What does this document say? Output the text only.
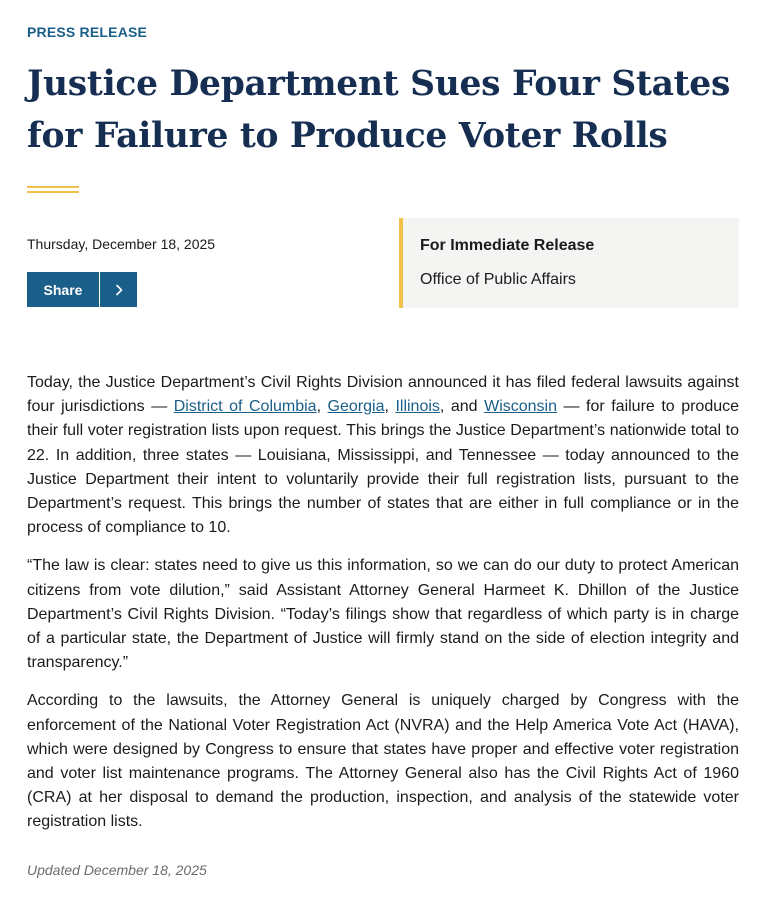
PRESS RELEASE
Justice Department Sues Four States for Failure to Produce Voter Rolls
Thursday, December 18, 2025
Share
For Immediate Release
Office of Public Affairs

Today, the Justice Department’s Civil Rights Division announced it has filed federal lawsuits against four jurisdictions — District of Columbia, Georgia, Illinois, and Wisconsin — for failure to produce their full voter registration lists upon request. This brings the Justice Department’s nationwide total to 22. In addition, three states — Louisiana, Mississippi, and Tennessee — today announced to the Justice Department their intent to voluntarily provide their full registration lists, pursuant to the Department’s request. This brings the number of states that are either in full compliance or in the process of compliance to 10.

“The law is clear: states need to give us this information, so we can do our duty to protect American citizens from vote dilution,” said Assistant Attorney General Harmeet K. Dhillon of the Justice Department’s Civil Rights Division. “Today’s filings show that regardless of which party is in charge of a particular state, the Department of Justice will firmly stand on the side of election integrity and transparency.”

According to the lawsuits, the Attorney General is uniquely charged by Congress with the enforcement of the National Voter Registration Act (NVRA) and the Help America Vote Act (HAVA), which were designed by Congress to ensure that states have proper and effective voter registration and voter list maintenance programs. The Attorney General also has the Civil Rights Act of 1960 (CRA) at her disposal to demand the production, inspection, and analysis of the statewide voter registration lists.

Updated December 18, 2025
